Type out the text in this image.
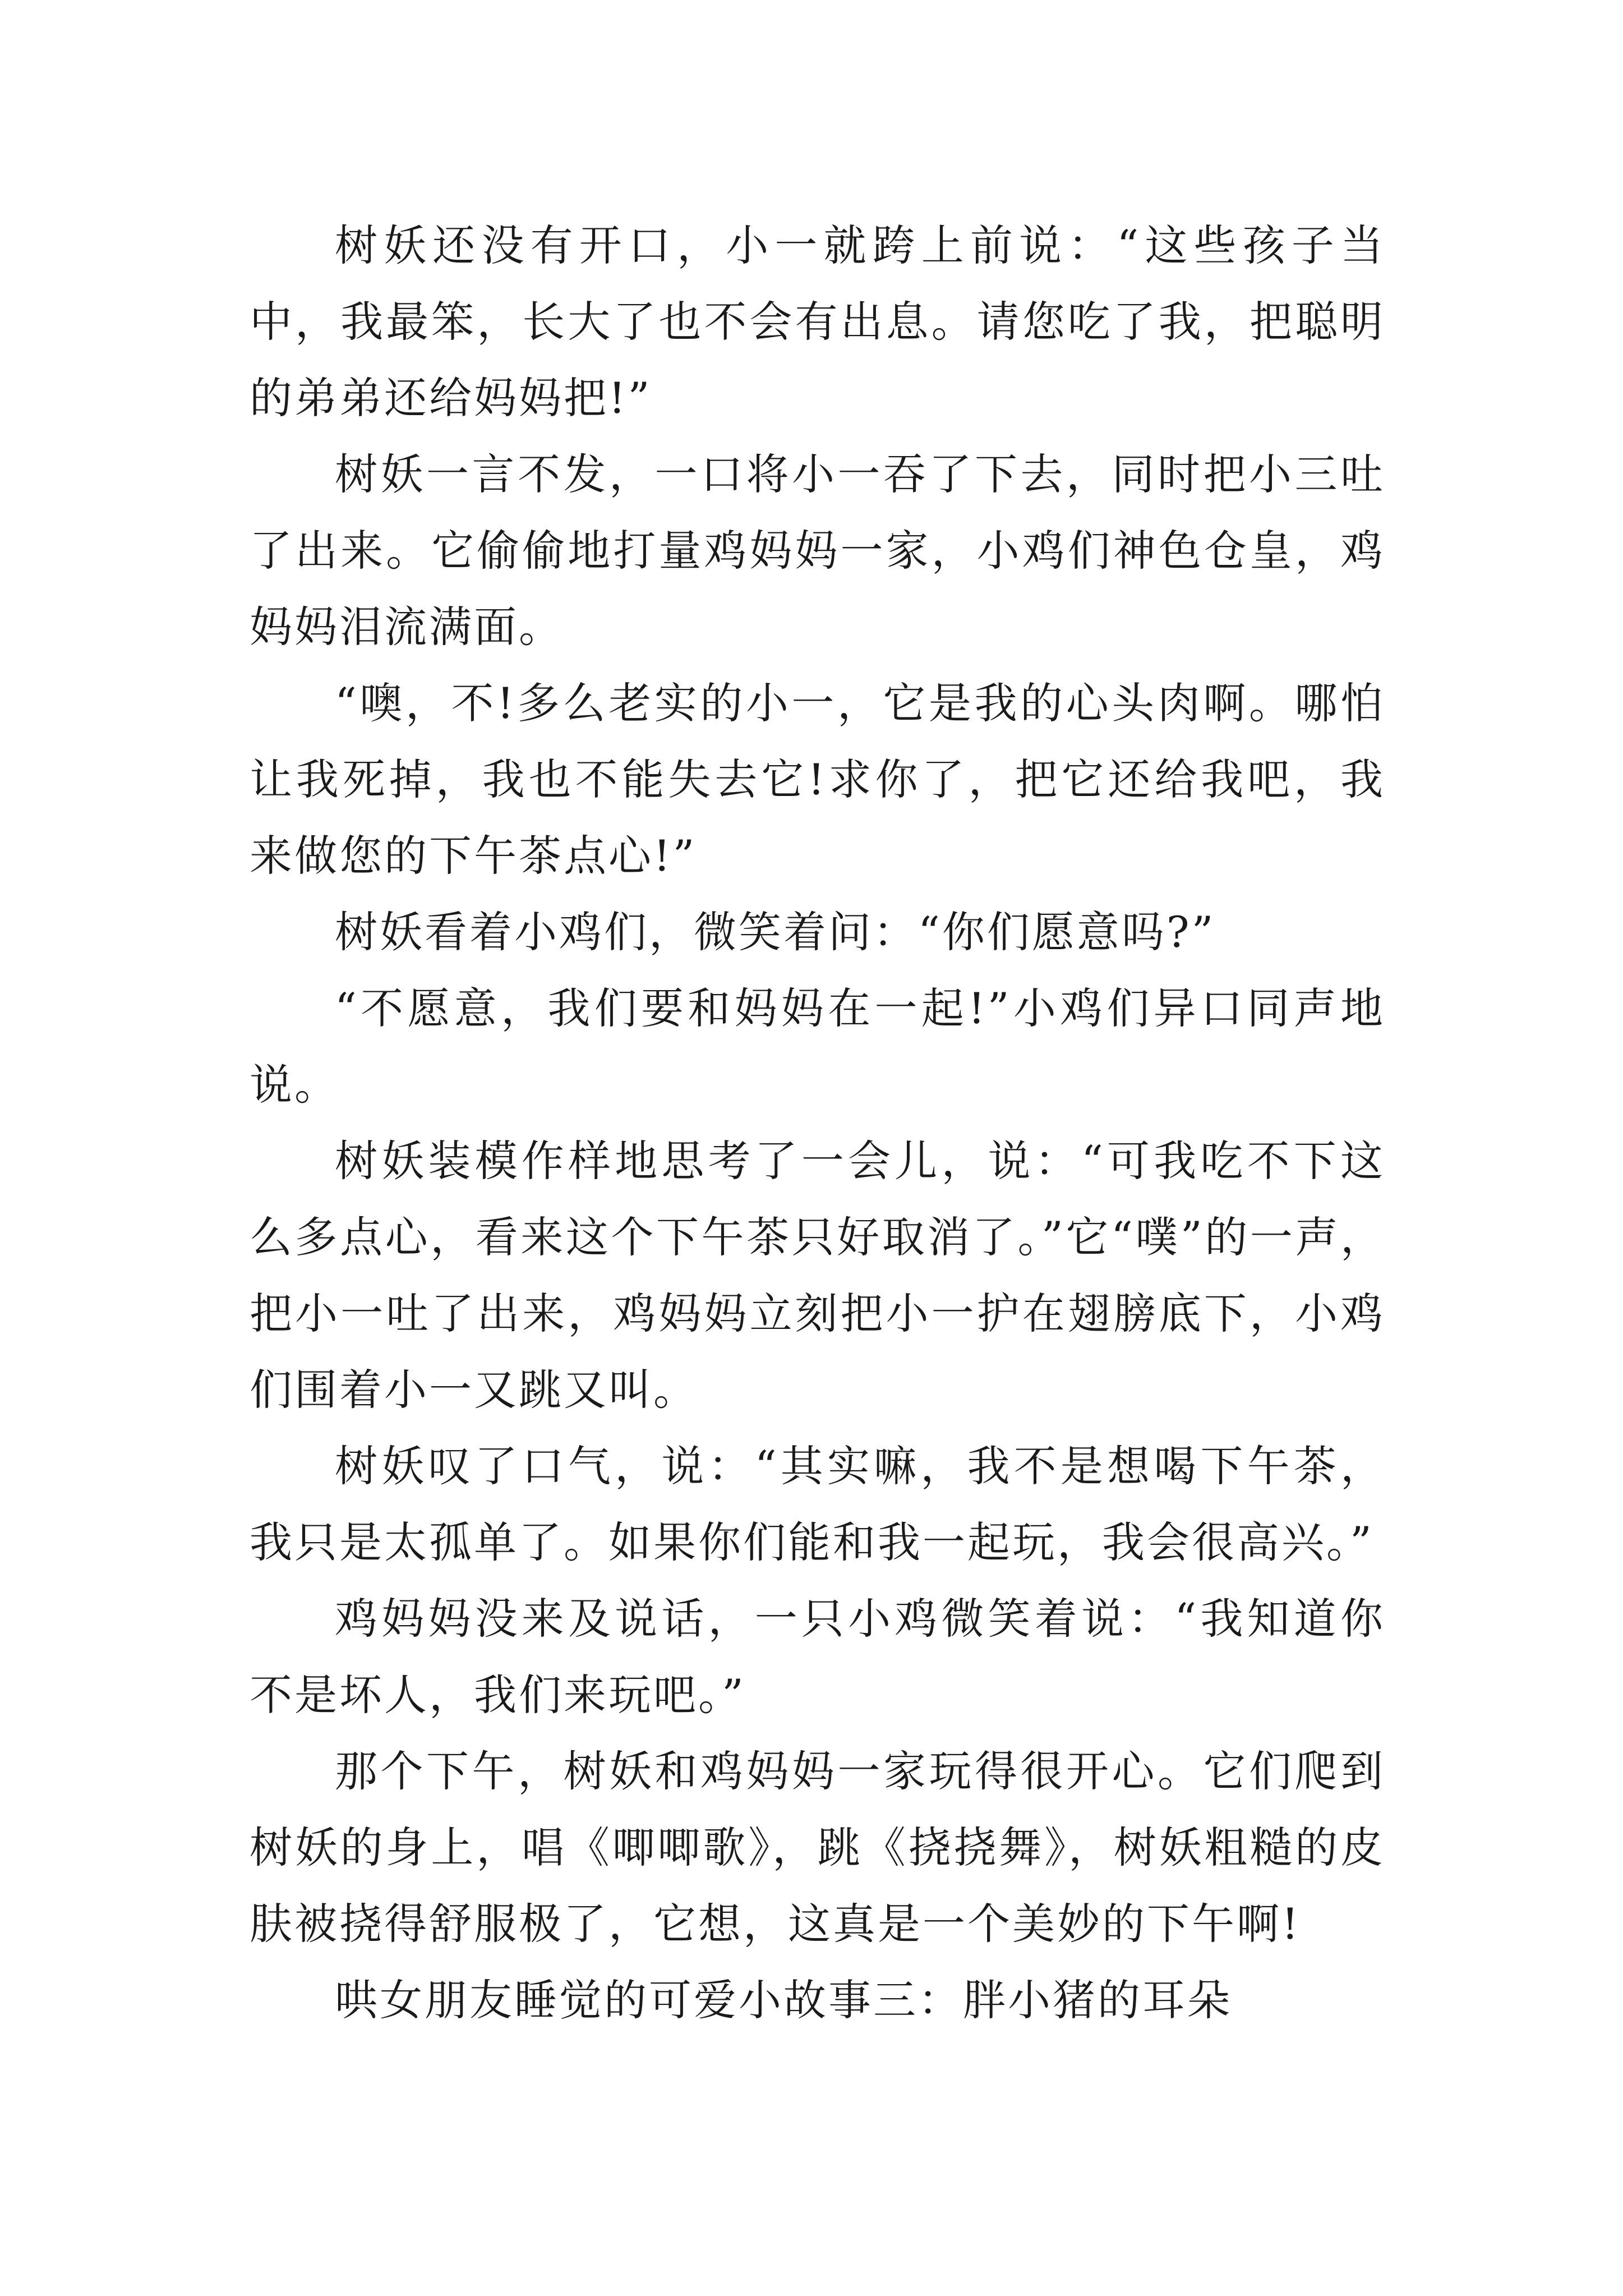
树妖还没有开口，小一就跨上前说：“这些孩子当中，我最笨，长大了也不会有出息。请您吃了我，把聪明的弟弟还给妈妈把!”

树妖一言不发，一口将小一吞了下去，同时把小三吐了出来。它偷偷地打量鸡妈妈一家，小鸡们神色仓皇，鸡妈妈泪流满面。

“噢，不!多么老实的小一，它是我的心头肉啊。哪怕让我死掉，我也不能失去它!求你了，把它还给我吧，我来做您的下午茶点心!”

树妖看着小鸡们，微笑着问：“你们愿意吗?”

“不愿意，我们要和妈妈在一起!”小鸡们异口同声地说。

树妖装模作样地思考了一会儿，说：“可我吃不下这么多点心，看来这个下午茶只好取消了。”它“噗”的一声，把小一吐了出来，鸡妈妈立刻把小一护在翅膀底下，小鸡们围着小一又跳又叫。

树妖叹了口气，说：“其实嘛，我不是想喝下午茶，我只是太孤单了。如果你们能和我一起玩，我会很高兴。”

鸡妈妈没来及说话，一只小鸡微笑着说：“我知道你不是坏人，我们来玩吧。”

那个下午，树妖和鸡妈妈一家玩得很开心。它们爬到树妖的身上，唱《唧唧歌》，跳《挠挠舞》，树妖粗糙的皮肤被挠得舒服极了，它想，这真是一个美妙的下午啊!

哄女朋友睡觉的可爱小故事三：胖小猪的耳朵
